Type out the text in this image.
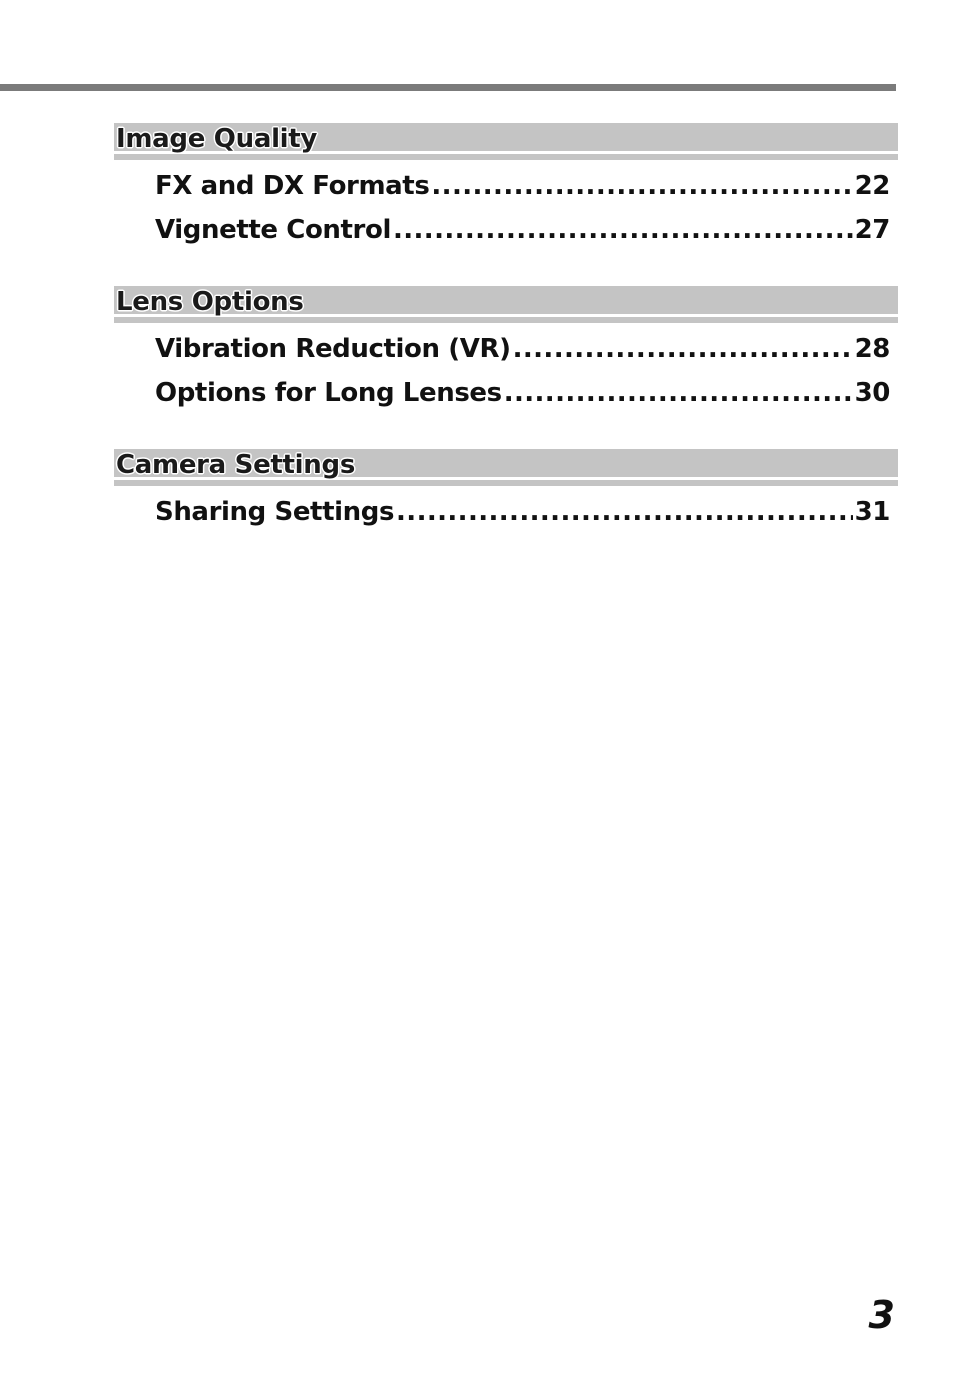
Image Quality
FX and DX Formats .....	22
Vignette Control .....	27
Lens Options
Vibration Reduction (VR) .....	28
Options for Long Lenses .....	30
Camera Settings
Sharing Settings .....	31
3
